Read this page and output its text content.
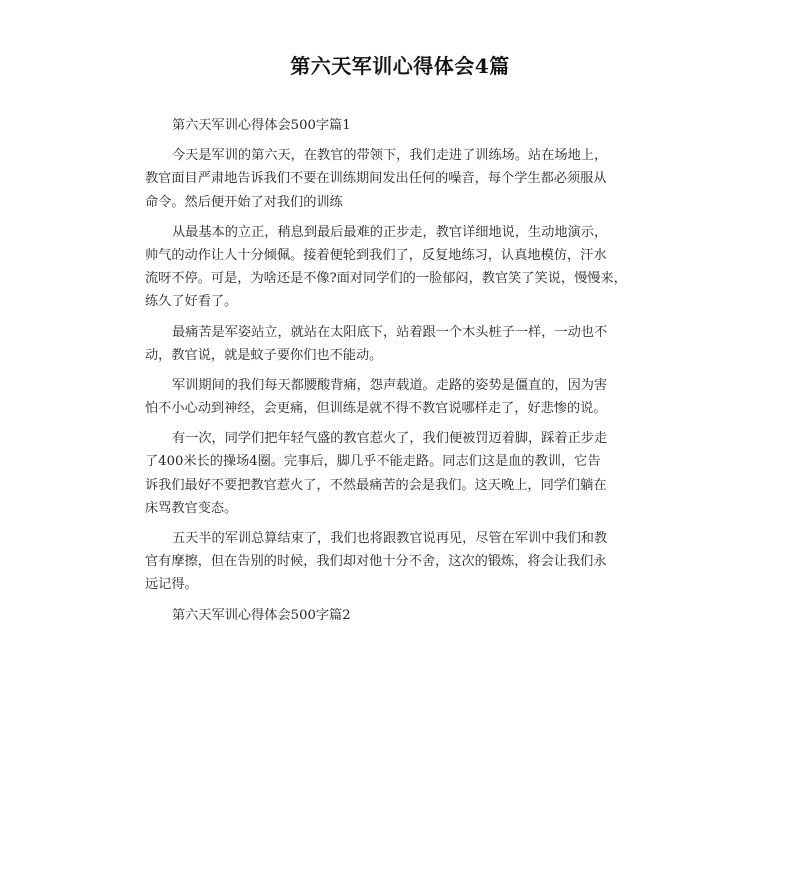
第六天军训心得体会4篇
第六天军训心得体会500字篇1
今天是军训的第六天，在教官的带领下，我们走进了训练场。站在场地上，
教官面目严肃地告诉我们不要在训练期间发出任何的噪音，每个学生都必须服从
命令。然后便开始了对我们的训练
从最基本的立正，稍息到最后最难的正步走，教官详细地说，生动地演示，
帅气的动作让人十分倾佩。接着便轮到我们了，反复地练习，认真地模仿，汗水
流呀不停。可是，为啥还是不像?面对同学们的一脸郁闷，教官笑了笑说，慢慢来，
练久了好看了。
最痛苦是军姿站立，就站在太阳底下，站着跟一个木头桩子一样，一动也不
动，教官说，就是蚊子要你们也不能动。
军训期间的我们每天都腰酸背痛，怨声载道。走路的姿势是僵直的，因为害
怕不小心动到神经，会更痛，但训练是就不得不教官说哪样走了，好悲惨的说。
有一次，同学们把年轻气盛的教官惹火了，我们便被罚迈着脚，踩着正步走
了400米长的操场4圈。完事后，脚几乎不能走路。同志们这是血的教训，它告
诉我们最好不要把教官惹火了，不然最痛苦的会是我们。这天晚上，同学们躺在
床骂教官变态。
五天半的军训总算结束了，我们也将跟教官说再见，尽管在军训中我们和教
官有摩擦，但在告别的时候，我们却对他十分不舍，这次的锻炼，将会让我们永
远记得。
第六天军训心得体会500字篇2
